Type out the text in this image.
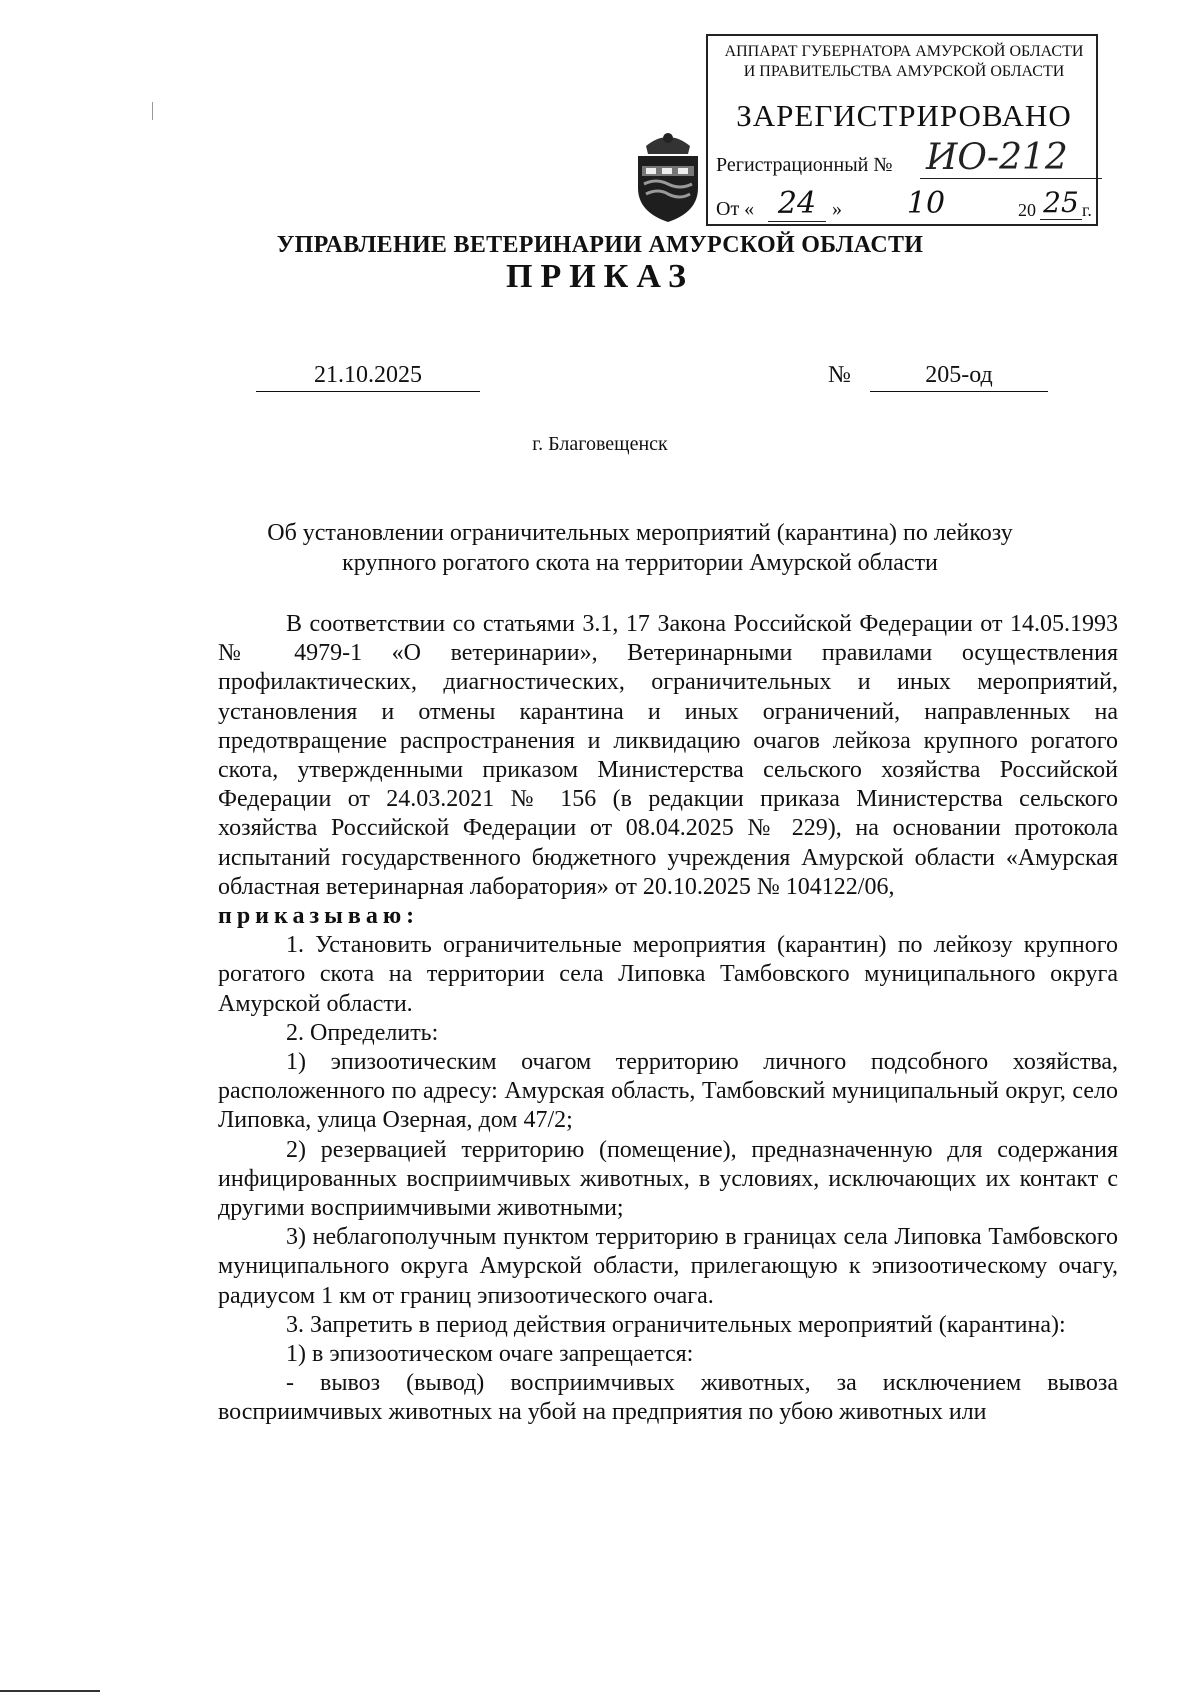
АППАРАТ ГУБЕРНАТОРА АМУРСКОЙ ОБЛАСТИ
И ПРАВИТЕЛЬСТВА АМУРСКОЙ ОБЛАСТИ
ЗАРЕГИСТРИРОВАНО
Регистрационный № ИО-212
От « 24 »	10	20 25 г.
УПРАВЛЕНИЕ ВЕТЕРИНАРИИ АМУРСКОЙ ОБЛАСТИ
ПРИКАЗ
21.10.2025	№	205-од
г. Благовещенск
Об установлении ограничительных мероприятий (карантина) по лейкозу
крупного рогатого скота на территории Амурской области

В соответствии со статьями 3.1, 17 Закона Российской Федерации от 14.05.1993 № 4979-1 «О ветеринарии», Ветеринарными правилами осуществления профилактических, диагностических, ограничительных и иных мероприятий, установления и отмены карантина и иных ограничений, направленных на предотвращение распространения и ликвидацию очагов лейкоза крупного рогатого скота, утвержденными приказом Министерства сельского хозяйства Российской Федерации от 24.03.2021 № 156 (в редакции приказа Министерства сельского хозяйства Российской Федерации от 08.04.2025 № 229), на основании протокола испытаний государственного бюджетного учреждения Амурской области «Амурская областная ветеринарная лаборатория» от 20.10.2025 № 104122/06,

приказываю:

1. Установить ограничительные мероприятия (карантин) по лейкозу крупного рогатого скота на территории села Липовка Тамбовского муниципального округа Амурской области.

2. Определить:

1) эпизоотическим очагом территорию личного подсобного хозяйства, расположенного по адресу: Амурская область, Тамбовский муниципальный округ, село Липовка, улица Озерная, дом 47/2;

2) резервацией территорию (помещение), предназначенную для содержания инфицированных восприимчивых животных, в условиях, исключающих их контакт с другими восприимчивыми животными;

3) неблагополучным пунктом территорию в границах села Липовка Тамбовского муниципального округа Амурской области, прилегающую к эпизоотическому очагу, радиусом 1 км от границ эпизоотического очага.

3. Запретить в период действия ограничительных мероприятий (карантина):

1) в эпизоотическом очаге запрещается:

- вывоз (вывод) восприимчивых животных, за исключением вывоза восприимчивых животных на убой на предприятия по убою животных или
